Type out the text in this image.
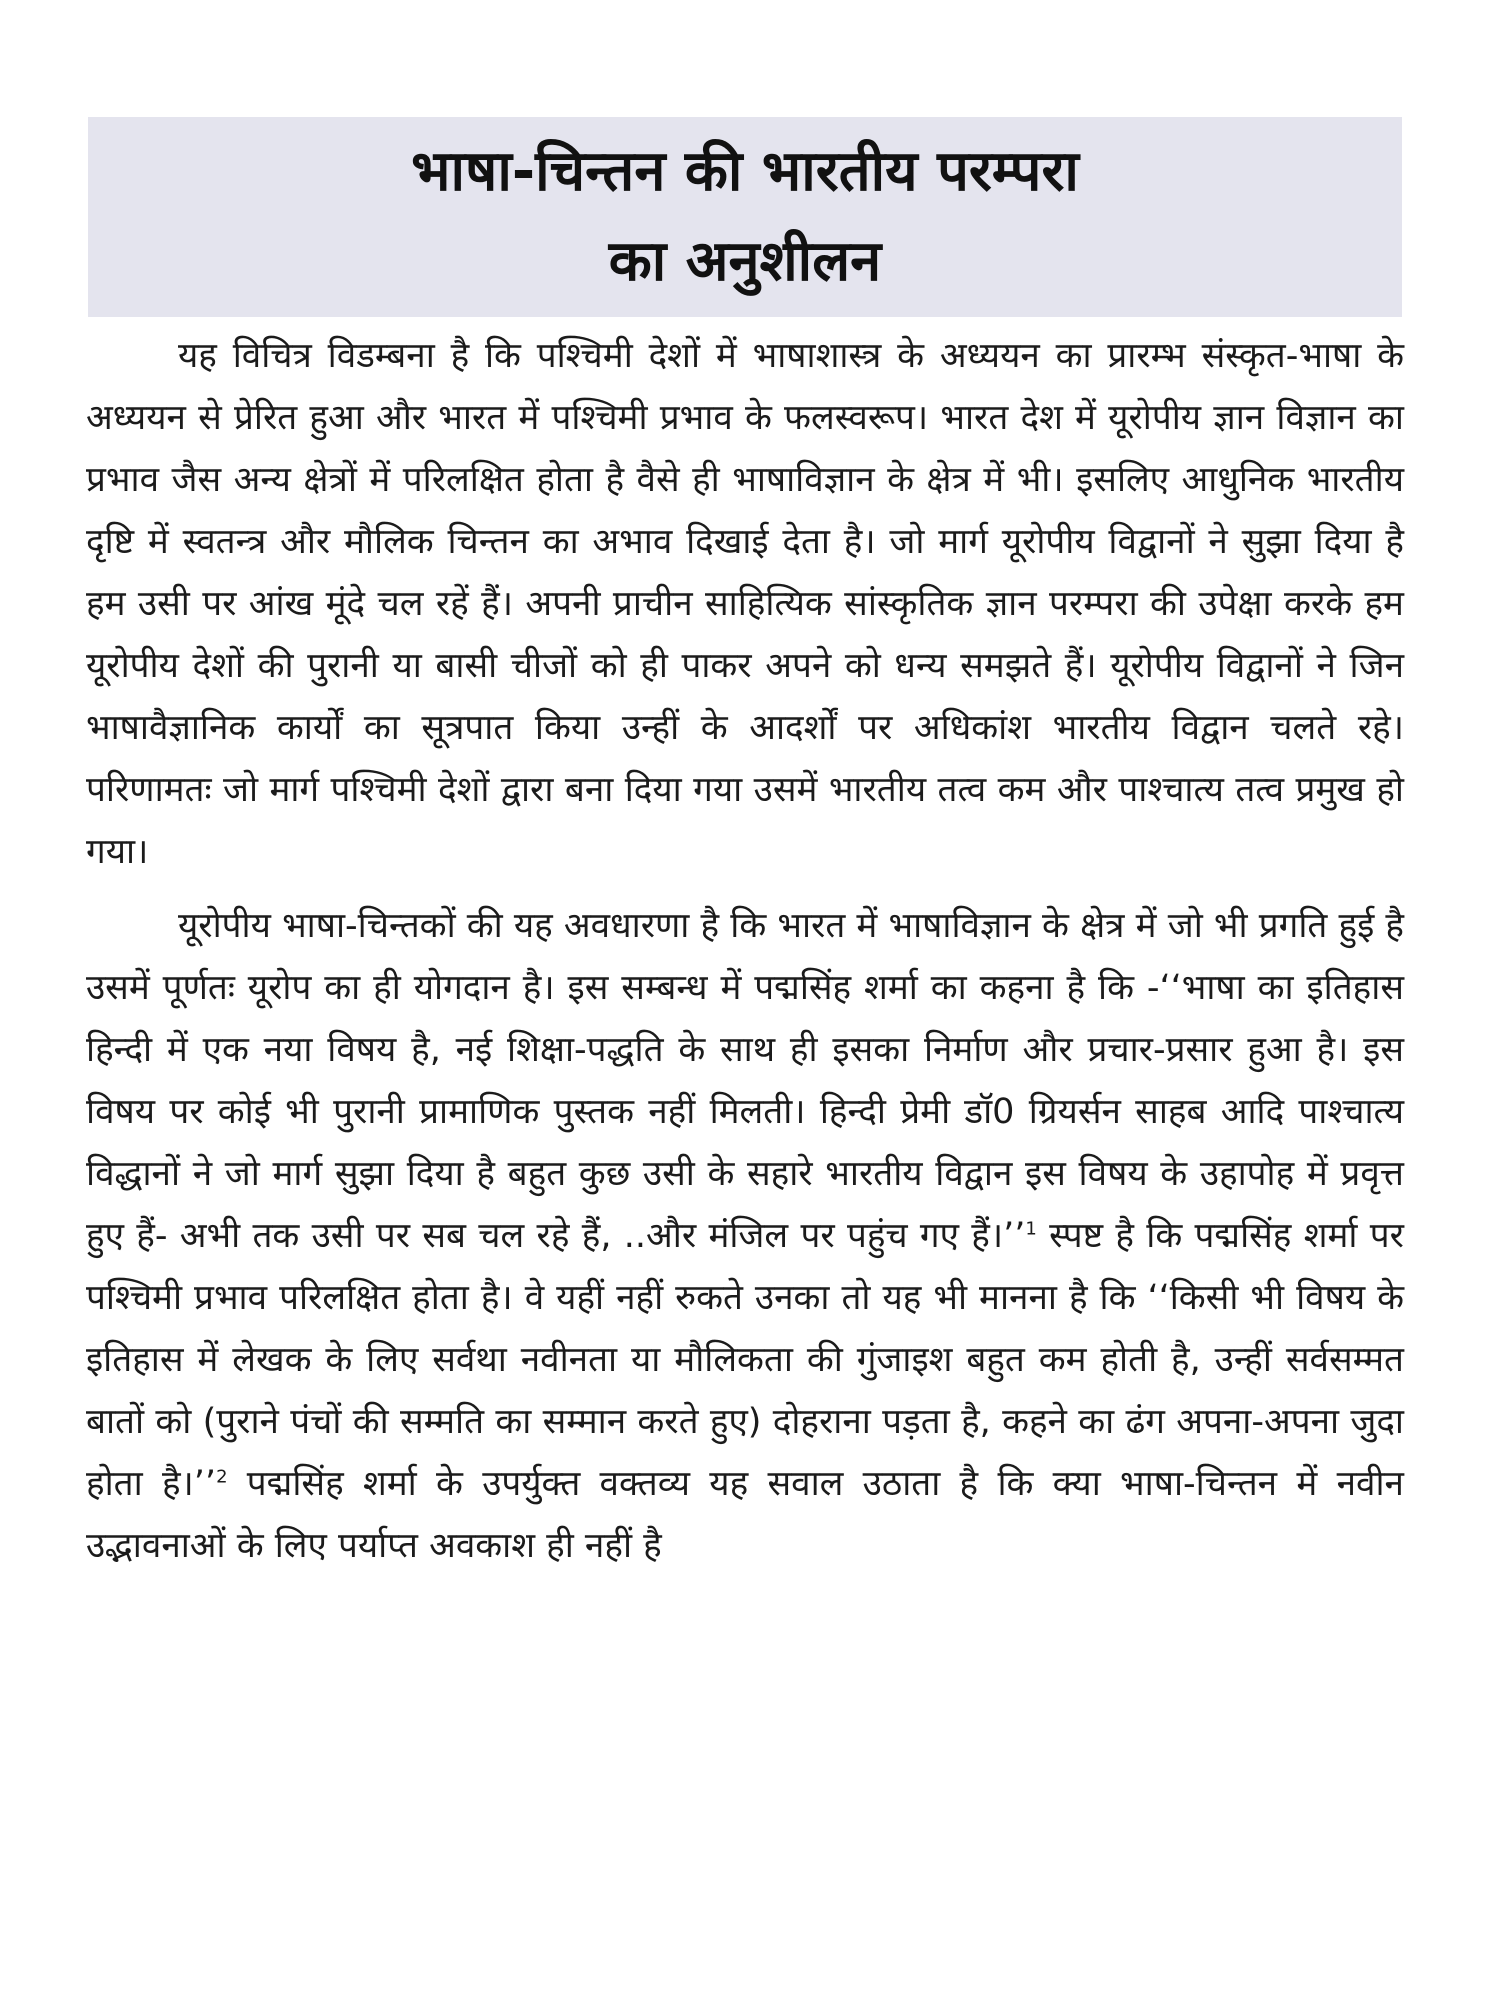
भाषा-चिन्तन की भारतीय परम्परा
का अनुशीलन

यह विचित्र विडम्बना है कि पश्चिमी देशों में भाषाशास्त्र के अध्ययन का प्रारम्भ संस्कृत-भाषा के अध्ययन से प्रेरित हुआ और भारत में पश्चिमी प्रभाव के फलस्वरूप। भारत देश में यूरोपीय ज्ञान विज्ञान का प्रभाव जैस अन्य क्षेत्रों में परिलक्षित होता है वैसे ही भाषाविज्ञान के क्षेत्र में भी। इसलिए आधुनिक भारतीय दृष्टि में स्वतन्त्र और मौलिक चिन्तन का अभाव दिखाई देता है। जो मार्ग यूरोपीय विद्वानों ने सुझा दिया है हम उसी पर आंख मूंदे चल रहें हैं। अपनी प्राचीन साहित्यिक सांस्कृतिक ज्ञान परम्परा की उपेक्षा करके हम यूरोपीय देशों की पुरानी या बासी चीजों को ही पाकर अपने को धन्य समझते हैं। यूरोपीय विद्वानों ने जिन भाषावैज्ञानिक कार्यों का सूत्रपात किया उन्हीं के आदर्शों पर अधिकांश भारतीय विद्वान चलते रहे। परिणामतः जो मार्ग पश्चिमी देशों द्वारा बना दिया गया उसमें भारतीय तत्व कम और पाश्चात्य तत्व प्रमुख हो गया।

यूरोपीय भाषा-चिन्तकों की यह अवधारणा है कि भारत में भाषाविज्ञान के क्षेत्र में जो भी प्रगति हुई है उसमें पूर्णतः यूरोप का ही योगदान है। इस सम्बन्ध में पद्मसिंह शर्मा का कहना है कि -‘‘भाषा का इतिहास हिन्दी में एक नया विषय है, नई शिक्षा-पद्धति के साथ ही इसका निर्माण और प्रचार-प्रसार हुआ है। इस विषय पर कोई भी पुरानी प्रामाणिक पुस्तक नहीं मिलती। हिन्दी प्रेमी डॉ0 ग्रियर्सन साहब आदि पाश्चात्य विद्धानों ने जो मार्ग सुझा दिया है बहुत कुछ उसी के सहारे भारतीय विद्वान इस विषय के उहापोह में प्रवृत्त हुए हैं- अभी तक उसी पर सब चल रहे हैं, ..और मंजिल पर पहुंच गए हैं।’’$^1$ स्पष्ट है कि पद्मसिंह शर्मा पर पश्चिमी प्रभाव परिलक्षित होता है। वे यहीं नहीं रुकते उनका तो यह भी मानना है कि ‘‘किसी भी विषय के इतिहास में लेखक के लिए सर्वथा नवीनता या मौलिकता की गुंजाइश बहुत कम होती है, उन्हीं सर्वसम्मत बातों को (पुराने पंचों की सम्मति का सम्मान करते हुए) दोहराना पड़ता है, कहने का ढंग अपना-अपना जुदा होता है।’’$^2$ पद्मसिंह शर्मा के उपर्युक्त वक्तव्य यह सवाल उठाता है कि क्या भाषा-चिन्तन में नवीन उद्भावनाओं के लिए पर्याप्त अवकाश ही नहीं है
